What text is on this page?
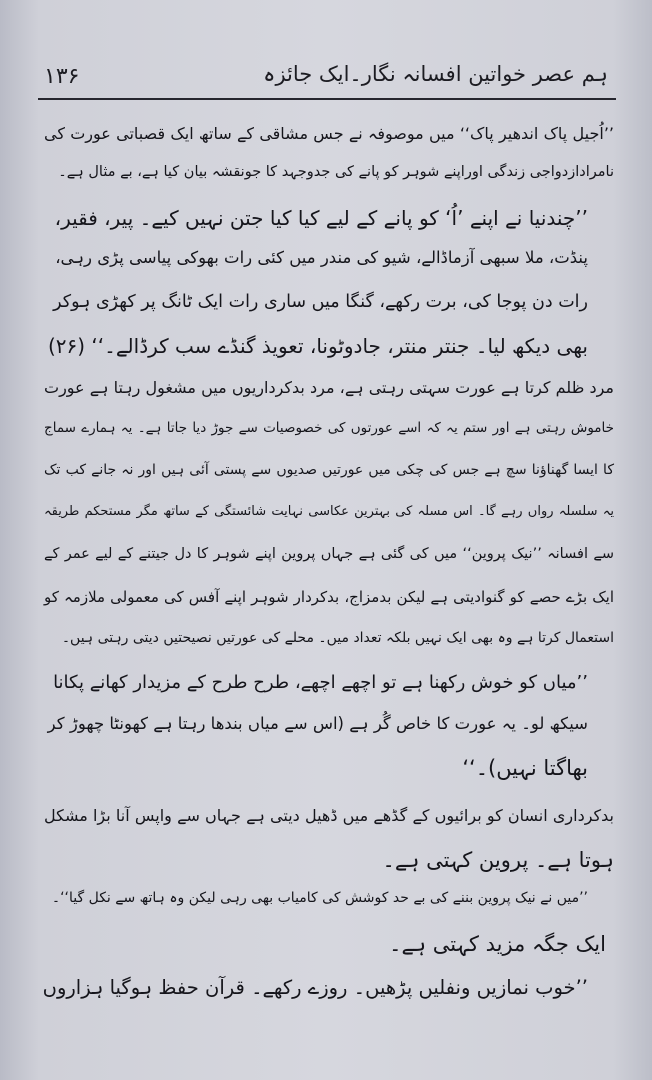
۱۳۶	ہم عصر خواتین افسانہ نگار۔ایک جائزہ
’’اُجیل پاک اندھیر پاک‘‘ میں موصوفہ نے جس مشاقی کے ساتھ ایک قصباتی عورت کی
نامرادازدواجی زندگی اوراپنے شوہر کو پانے کی جدوجہد کا جونقشہ بیان کیا ہے، بے مثال ہے۔
’’چندنیا نے اپنے ’اُ‘ کو پانے کے لیے کیا کیا جتن نہیں کیے۔ پیر، فقیر،
پنڈت، ملا سبھی آزماڈالے، شیو کی مندر میں کئی رات بھوکی پیاسی پڑی رہی،
رات دن پوجا کی، برت رکھے، گنگا میں ساری رات ایک ٹانگ پر کھڑی ہوکر
بھی دیکھ لیا۔ جنتر منتر، جادوٹونا، تعویذ گنڈے سب کرڈالے۔‘‘ (۲۶)
مرد ظلم کرتا ہے عورت سہتی رہتی ہے، مرد بدکرداریوں میں مشغول رہتا ہے عورت
خاموش رہتی ہے اور ستم یہ کہ اسے عورتوں کی خصوصیات سے جوڑ دیا جاتا ہے۔ یہ ہمارے سماج
کا ایسا گھناؤنا سچ ہے جس کی چکی میں عورتیں صدیوں سے پستی آئی ہیں اور نہ جانے کب تک
یہ سلسلہ رواں رہے گا۔ اس مسلہ کی بہترین عکاسی نہایت شائستگی کے ساتھ مگر مستحکم طریقہ
سے افسانہ ’’نیک پروین‘‘ میں کی گئی ہے جہاں پروین اپنے شوہر کا دل جیتنے کے لیے عمر کے
ایک بڑے حصے کو گنوادیتی ہے لیکن بدمزاج، بدکردار شوہر اپنے آفس کی معمولی ملازمہ کو
استعمال کرتا ہے وہ بھی ایک نہیں بلکہ تعداد میں۔ محلے کی عورتیں نصیحتیں دیتی رہتی ہیں۔
’’میاں کو خوش رکھنا ہے تو اچھے اچھے، طرح طرح کے مزیدار کھانے پکانا
سیکھ لو۔ یہ عورت کا خاص گُر ہے (اس سے میاں بندھا رہتا ہے کھونٹا چھوڑ کر
بھاگتا نہیں)۔‘‘
بدکرداری انسان کو برائیوں کے گڈھے میں ڈھیل دیتی ہے جہاں سے واپس آنا بڑا مشکل
ہوتا ہے۔ پروین کہتی ہے۔
’’میں نے نیک پروین بننے کی بے حد کوشش کی کامیاب بھی رہی لیکن وہ ہاتھ سے نکل گیا‘‘۔
ایک جگہ مزید کہتی ہے۔
’’خوب نمازیں ونفلیں پڑھیں۔ روزے رکھے۔ قرآن حفظ ہوگیا ہزاروں
